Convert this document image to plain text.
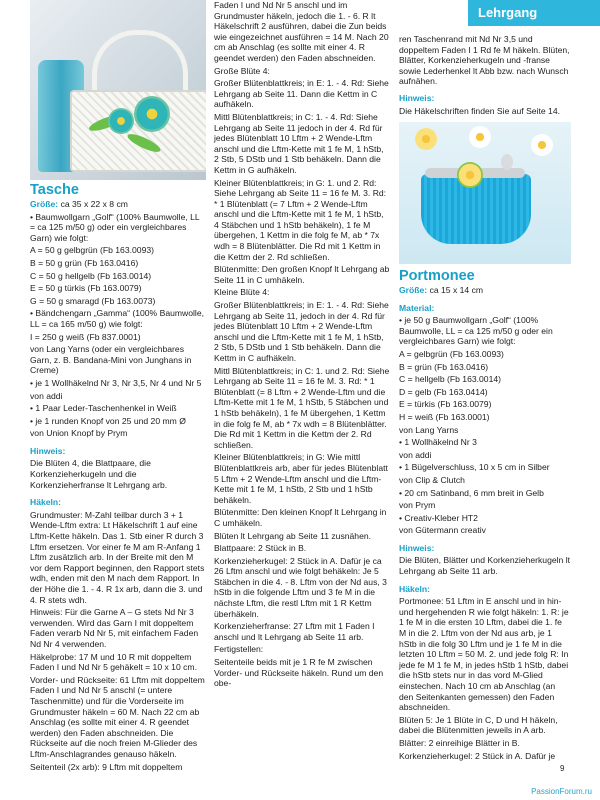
Lehrgang
Tasche

Größe: ca 35 x 22 x 8 cm

• Baumwollgarn „Golf“ (100% Baumwolle, LL = ca 125 m/50 g) oder ein vergleichbares Garn) wie folgt:

A = 50 g gelbgrün (Fb 163.0093)

B = 50 g grün (Fb 163.0416)

C = 50 g hellgelb (Fb 163.0014)

E = 50 g türkis (Fb 163.0079)

G = 50 g smaragd (Fb 163.0073)

• Bändchengarn „Gamma“ (100% Baumwolle, LL = ca 165 m/50 g) wie folgt:

I = 250 g weiß (Fb 837.0001)

von Lang Yarns (oder ein vergleichbares Garn, z. B. Bandana-Mini von Junghans in Creme)

• je 1 Wollhäkelnd Nr 3, Nr 3,5, Nr 4 und Nr 5

von addi

• 1 Paar Leder-Taschenhenkel in Weiß

• je 1 runden Knopf von 25 und 20 mm Ø

von Union Knopf by Prym

Hinweis:

Die Blüten 4, die Blattpaare, die Korkenzieherkugeln und die Korkenzieherfranse lt Lehrgang arb.

Häkeln:

Grundmuster: M-Zahl teilbar durch 3 + 1 Wende-Lftm extra: Lt Häkelschrift 1 auf eine Lftm-Kette häkeln. Das 1. Stb einer R durch 3 Lftm ersetzen. Vor einer fe M am R-Anfang 1 Lftm zusätzlich arb. In der Breite mit den M vor dem Rapport beginnen, den Rapport stets wdh, enden mit den M nach dem Rapport. In der Höhe die 1. - 4. R 1x arb, dann die 3. und 4. R stets wdh.

Hinweis: Für die Garne A – G stets Nd Nr 3 verwenden. Wird das Garn I mit doppeltem Faden verarb Nd Nr 5, mit einfachem Faden Nd Nr 4 verwenden.

Häkelprobe: 17 M und 10 R mit doppeltem Faden I und Nd Nr 5 gehäkelt = 10 x 10 cm.

Vorder- und Rückseite: 61 Lftm mit doppeltem Faden I und Nd Nr 5 anschl (= untere Taschenmitte) und für die Vorderseite im Grundmuster häkeln = 60 M. Nach 22 cm ab Anschlag (es sollte mit einer 4. R geendet werden) den Faden abschneiden. Die Rückseite auf die noch freien M-Glieder des Lftm-Anschlagrandes genauso häkeln.

Seitenteil (2x arb): 9 Lftm mit doppeltem

Faden I und Nd Nr 5 anschl und im Grundmuster häkeln, jedoch die 1. - 6. R lt Häkelschrift 2 ausführen, dabei die Zun beids wie eingezeichnet ausführen = 14 M. Nach 20 cm ab Anschlag (es sollte mit einer 4. R geendet werden) den Faden abschneiden.

Große Blüte 4:

Großer Blütenblattkreis; in E: 1. - 4. Rd: Siehe Lehrgang ab Seite 11. Dann die Kettm in C aufhäkeln.

Mittl Blütenblattkreis; in C: 1. - 4. Rd: Siehe Lehrgang ab Seite 11 jedoch in der 4. Rd für jedes Blütenblatt 10 Lftm + 2 Wende-Lftm anschl und die Lftm-Kette mit 1 fe M, 1 hStb, 2 Stb, 5 DStb und 1 Stb behäkeln. Dann die Kettm in G aufhäkeln.

Kleiner Blütenblattkreis; in G: 1. und 2. Rd: Siehe Lehrgang ab Seite 11 = 16 fe M. 3. Rd: * 1 Blütenblatt (= 7 Lftm + 2 Wende-Lftm anschl und die Lftm-Kette mit 1 fe M, 1 hStb, 4 Stäbchen und 1 hStb behäkeln), 1 fe M übergehen, 1 Kettm in die folg fe M, ab * 7x wdh = 8 Blütenblätter. Die Rd mit 1 Kettm in die Kettm der 2. Rd schließen.

Blütenmitte: Den großen Knopf lt Lehrgang ab Seite 11 in C umhäkeln.

Kleine Blüte 4:

Großer Blütenblattkreis; in E: 1. - 4. Rd: Siehe Lehrgang ab Seite 11, jedoch in der 4. Rd für jedes Blütenblatt 10 Lftm + 2 Wende-Lftm anschl und die Lftm-Kette mit 1 fe M, 1 hStb, 2 Stb, 5 DStb und 1 Stb behäkeln. Dann die Kettm in C aufhäkeln.

Mittl Blütenblattkreis; in C: 1. und 2. Rd: Siehe Lehrgang ab Seite 11 = 16 fe M. 3. Rd: * 1 Blütenblatt (= 8 Lftm + 2 Wende-Lftm und die Lftm-Kette mit 1 fe M, 1 hStb, 5 Stäbchen und 1 hStb behäkeln), 1 fe M übergehen, 1 Kettm in die folg fe M, ab * 7x wdh = 8 Blütenblätter. Die Rd mit 1 Kettm in die Kettm der 2. Rd schließen.

Kleiner Blütenblattkreis; in G: Wie mittl Blütenblattkreis arb, aber für jedes Blütenblatt 5 Lftm + 2 Wende-Lftm anschl und die Lftm-Kette mit 1 fe M, 1 hStb, 2 Stb und 1 hStb behäkeln.

Blütenmitte: Den kleinen Knopf lt Lehrgang in C umhäkeln.

Blüten lt Lehrgang ab Seite 11 zusnähen.

Blattpaare: 2 Stück in B.

Korkenzieherkugel: 2 Stück in A. Dafür je ca 26 Lftm anschl und wie folgt behäkeln: Je 5 Stäbchen in die 4. - 8. Lftm von der Nd aus, 3 hStb in die folgende Lftm und 3 fe M in die nächste Lftm, die restl Lftm mit 1 R Kettm überhäkeln.

Korkenzieherfranse: 27 Lftm mit 1 Faden I anschl und lt Lehrgang ab Seite 11 arb.

Fertigstellen:

Seitenteile beids mit je 1 R fe M zwischen Vorder- und Rückseite häkeln. Rund um den obe-

ren Taschenrand mit Nd Nr 3,5 und doppeltem Faden I 1 Rd fe M häkeln. Blüten, Blätter, Korkenzieherkugeln und -franse sowie Lederhenkel lt Abb bzw. nach Wunsch aufnähen.

Hinweis:

Die Häkelschriften finden Sie auf Seite 14.

Portmonee

Größe: ca 15 x 14 cm

Material:

• je 50 g Baumwollgarn „Golf“ (100% Baumwolle, LL = ca 125 m/50 g oder ein vergleichbares Garn) wie folgt:

A = gelbgrün (Fb 163.0093)

B = grün (Fb 163.0416)

C = hellgelb (Fb 163.0014)

D = gelb (Fb 163.0414)

E = türkis (Fb 163.0079)

H = weiß (Fb 163.0001)

von Lang Yarns

• 1 Wollhäkelnd Nr 3

von addi

• 1 Bügelverschluss, 10 x 5 cm in Silber

von Clip & Clutch

• 20 cm Satinband, 6 mm breit in Gelb

von Prym

• Creativ-Kleber HT2

von Gütermann creativ

Hinweis:

Die Blüten, Blätter und Korkenzieherkugeln lt Lehrgang ab Seite 11 arb.

Häkeln:

Portmonee: 51 Lftm in E anschl und in hin- und hergehenden R wie folgt häkeln: 1. R: je 1 fe M in die ersten 10 Lftm, dabei die 1. fe M in die 2. Lftm von der Nd aus arb, je 1 hStb in die folg 30 Lftm und je 1 fe M in die letzten 10 Lftm = 50 M. 2. und jede folg R: In jede fe M 1 fe M, in jedes hStb 1 hStb, dabei die hStb stets nur in das vord M-Glied einstechen. Nach 10 cm ab Anschlag (an den Seitenkanten gemessen) den Faden abschneiden.

Blüten 5: Je 1 Blüte in C, D und H häkeln, dabei die Blütenmitten jeweils in A arb.

Blätter: 2 einreihige Blätter in B.

Korkenzieherkugel: 2 Stück in A. Dafür je

9
PassionForum.ru
